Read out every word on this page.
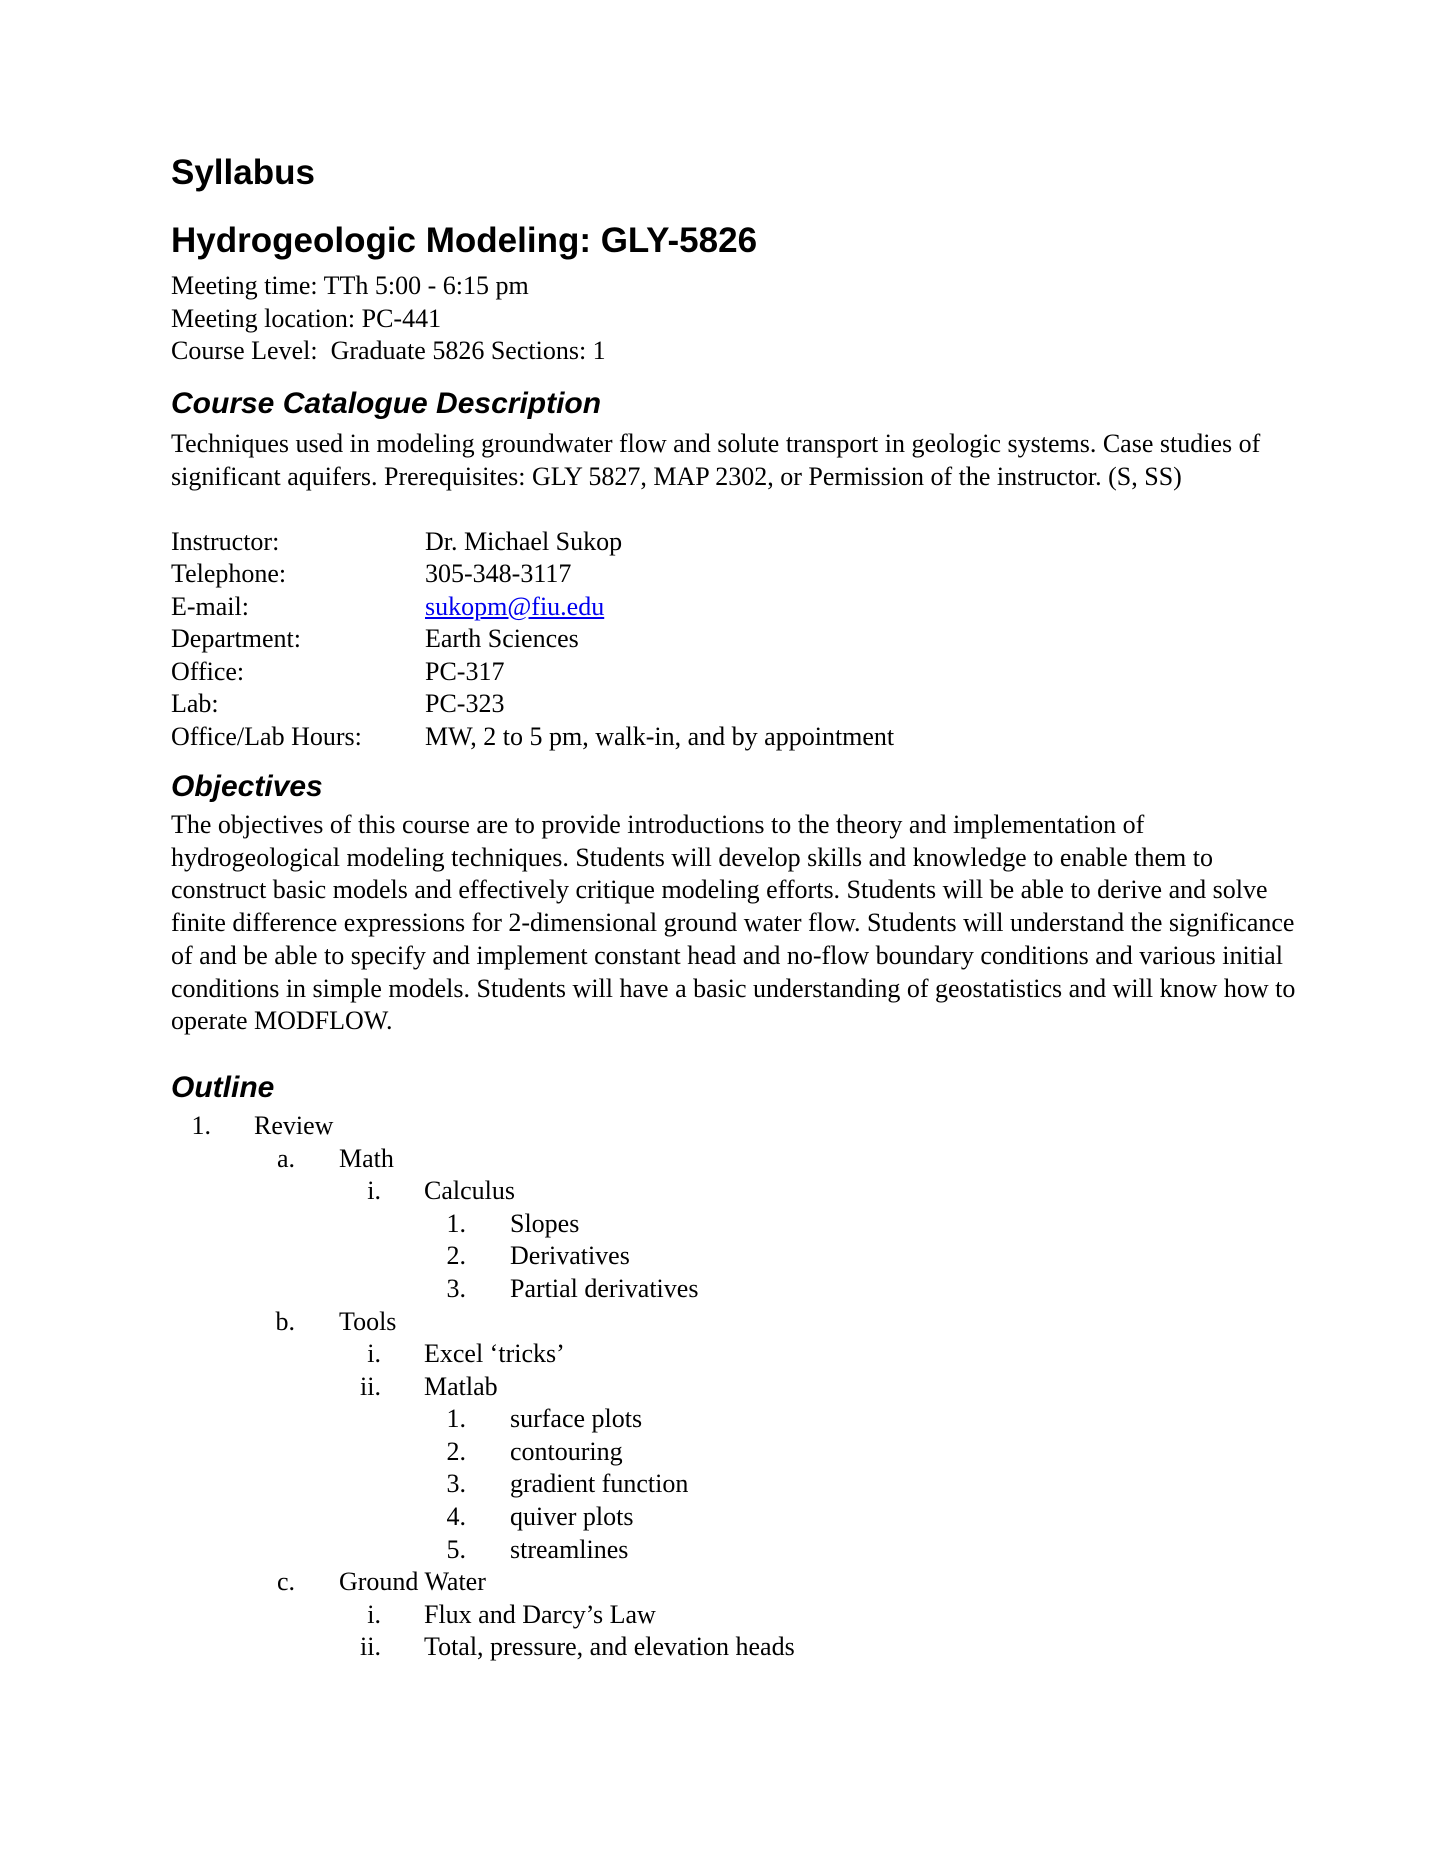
Syllabus
Hydrogeologic Modeling: GLY-5826
Meeting time: TTh 5:00 - 6:15 pm
Meeting location: PC-441
Course Level:  Graduate 5826 Sections: 1
Course Catalogue Description
Techniques used in modeling groundwater flow and solute transport in geologic systems. Case studies of significant aquifers. Prerequisites: GLY 5827, MAP 2302, or Permission of the instructor. (S, SS)
Instructor:	Dr. Michael Sukop
Telephone:	305-348-3117
E-mail:	sukopm@fiu.edu
Department:	Earth Sciences
Office:	PC-317
Lab:	PC-323
Office/Lab Hours:	MW, 2 to 5 pm, walk-in, and by appointment
Objectives
The objectives of this course are to provide introductions to the theory and implementation of hydrogeological modeling techniques. Students will develop skills and knowledge to enable them to construct basic models and effectively critique modeling efforts. Students will be able to derive and solve finite difference expressions for 2-dimensional ground water flow. Students will understand the significance of and be able to specify and implement constant head and no-flow boundary conditions and various initial conditions in simple models. Students will have a basic understanding of geostatistics and will know how to operate MODFLOW.
Outline
1. Review
a. Math
i. Calculus
1. Slopes
2. Derivatives
3. Partial derivatives
b. Tools
i. Excel ‘tricks’
ii. Matlab
1. surface plots
2. contouring
3. gradient function
4. quiver plots
5. streamlines
c. Ground Water
i. Flux and Darcy’s Law
ii. Total, pressure, and elevation heads
